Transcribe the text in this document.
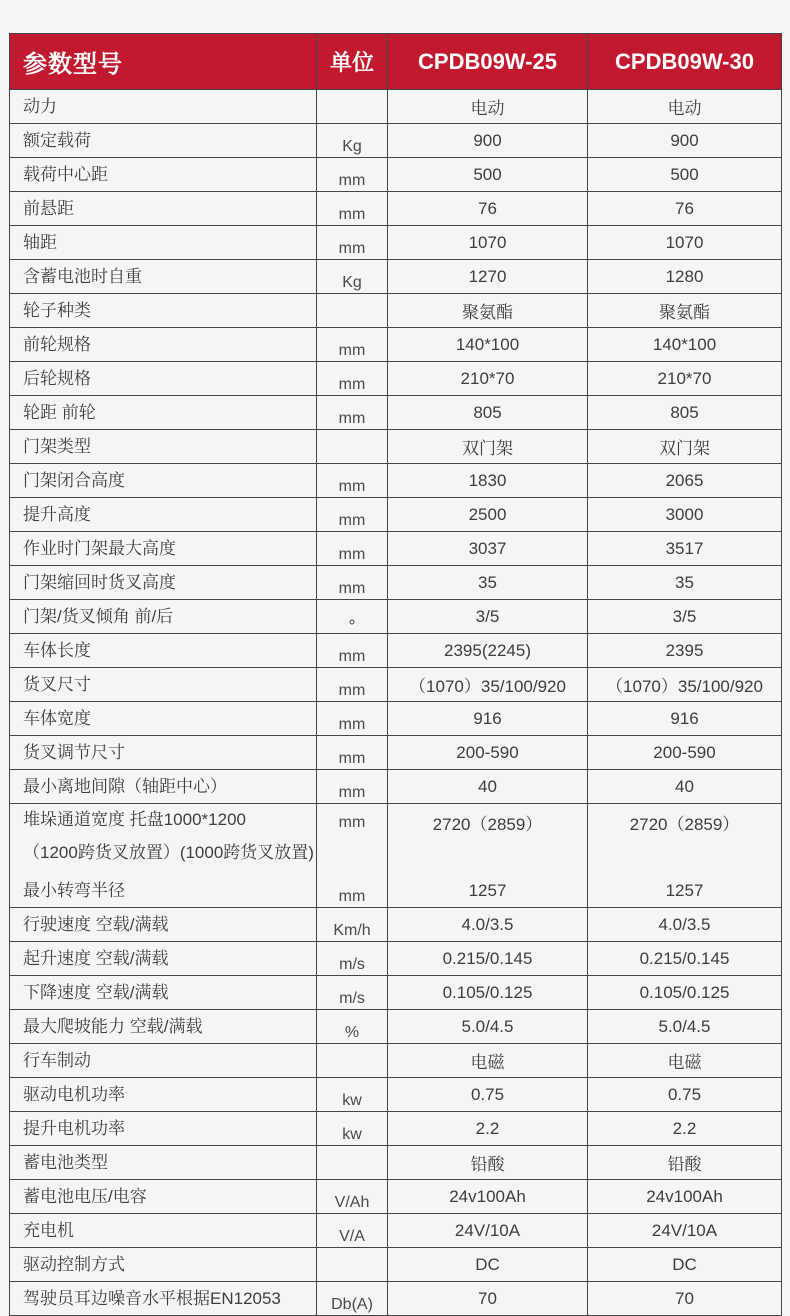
参数型号	单位	CPDB09W-25	CPDB09W-30

动力		电动	电动

额定载荷	Kg	900	900

载荷中心距	mm	500	500

前悬距	mm	76	76

轴距	mm	1070	1070

含蓄电池时自重	Kg	1270	1280

轮子种类		聚氨酯	聚氨酯

前轮规格	mm	140*100	140*100

后轮规格	mm	210*70	210*70

轮距 前轮	mm	805	805

门架类型		双门架	双门架

门架闭合高度	mm	1830	2065

提升高度	mm	2500	3000

作业时门架最大高度	mm	3037	3517

门架缩回时货叉高度	mm	35	35

门架/货叉倾角 前/后	∘	3/5	3/5

车体长度	mm	2395(2245)	2395

货叉尺寸	mm	（1070）35/100/920	（1070）35/100/920

车体宽度	mm	916	916

货叉调节尺寸	mm	200-590	200-590

最小离地间隙（轴距中心）	mm	40	40

堆垛通道宽度 托盘1000*1200
（1200跨货叉放置）(1000跨货叉放置)	mm	2720（2859）	2720（2859）

最小转弯半径	mm	1257	1257

行驶速度 空载/满载	Km/h	4.0/3.5	4.0/3.5

起升速度 空载/满载	m/s	0.215/0.145	0.215/0.145

下降速度 空载/满载	m/s	0.105/0.125	0.105/0.125

最大爬坡能力 空载/满载	%	5.0/4.5	5.0/4.5

行车制动		电磁	电磁

驱动电机功率	kw	0.75	0.75

提升电机功率	kw	2.2	2.2

蓄电池类型		铅酸	铅酸

蓄电池电压/电容	V/Ah	24v100Ah	24v100Ah

充电机	V/A	24V/10A	24V/10A

驱动控制方式		DC	DC

驾驶员耳边噪音水平根据EN12053	Db(A)	70	70
